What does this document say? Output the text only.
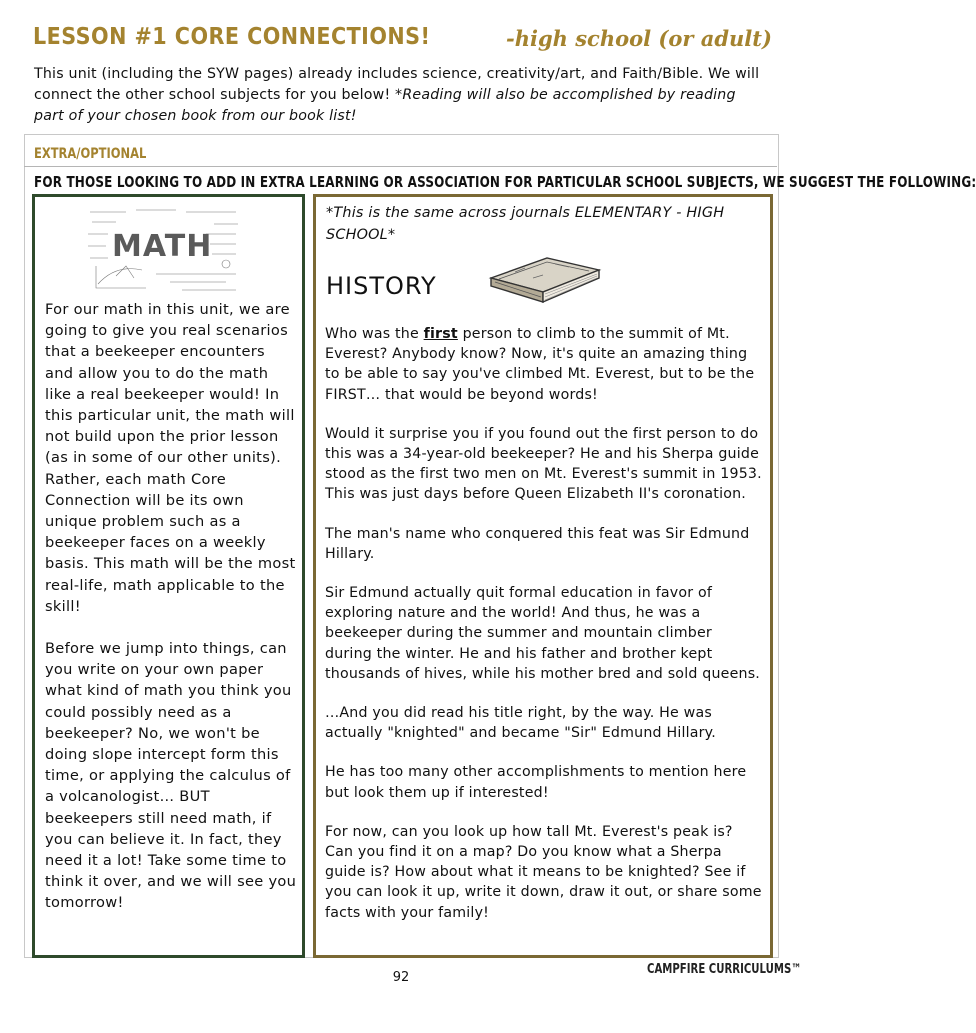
LESSON #1 CORE CONNECTIONS!	-high school (or adult)
This unit (including the SYW pages) already includes science, creativity/art, and Faith/Bible. We will connect the other school subjects for you below! *Reading will also be accomplished by reading part of your chosen book from our book list!
EXTRA/OPTIONAL
FOR THOSE LOOKING TO ADD IN EXTRA LEARNING OR ASSOCIATION FOR PARTICULAR SCHOOL SUBJECTS, WE SUGGEST THE FOLLOWING:
MATH

For our math in this unit, we are going to give you real scenarios that a beekeeper encounters and allow you to do the math like a real beekeeper would! In this particular unit, the math will not build upon the prior lesson (as in some of our other units). Rather, each math Core Connection will be its own unique problem such as a beekeeper faces on a weekly basis. This math will be the most real-life, math applicable to the skill!

Before we jump into things, can you write on your own paper what kind of math you think you could possibly need as a beekeeper? No, we won't be doing slope intercept form this time, or applying the calculus of a volcanologist… BUT beekeepers still need math, if you can believe it. In fact, they need it a lot! Take some time to think it over, and we will see you tomorrow!

*This is the same across journals ELEMENTARY - HIGH SCHOOL*
HISTORY

Who was the first person to climb to the summit of Mt. Everest? Anybody know? Now, it's quite an amazing thing to be able to say you've climbed Mt. Everest, but to be the FIRST… that would be beyond words!

Would it surprise you if you found out the first person to do this was a 34-year-old beekeeper? He and his Sherpa guide stood as the first two men on Mt. Everest's summit in 1953. This was just days before Queen Elizabeth II's coronation.

The man's name who conquered this feat was Sir Edmund Hillary.

Sir Edmund actually quit formal education in favor of exploring nature and the world! And thus, he was a beekeeper during the summer and mountain climber during the winter. He and his father and brother kept thousands of hives, while his mother bred and sold queens.

…And you did read his title right, by the way. He was actually "knighted" and became "Sir" Edmund Hillary.

He has too many other accomplishments to mention here but look them up if interested!

For now, can you look up how tall Mt. Everest's peak is? Can you find it on a map? Do you know what a Sherpa guide is? How about what it means to be knighted? See if you can look it up, write it down, draw it out, or share some facts with your family!

CAMPFIRE CURRICULUMS™
92
